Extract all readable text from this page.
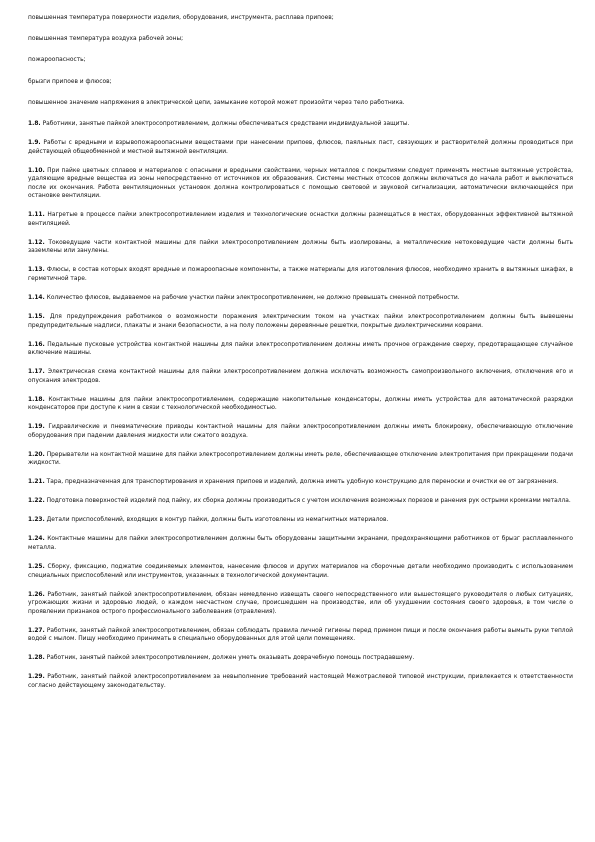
повышенная температура поверхности изделия, оборудования, инструмента, расплава припоев;

повышенная температура воздуха рабочей зоны;

пожароопасность;

брызги припоев и флюсов;

повышенное значение напряжения в электрической цепи, замыкание которой может произойти через тело работника.

1.8. Работники, занятые пайкой электросопротивлением, должны обеспечиваться средствами индивидуальной защиты.

1.9. Работы с вредными и взрывопожароопасными веществами при нанесении припоев, флюсов, паяльных паст, связующих и растворителей должны проводиться при действующей общеобменной и местной вытяжной вентиляции.

1.10. При пайке цветных сплавов и материалов с опасными и вредными свойствами, черных металлов с покрытиями следует применять местные вытяжные устройства, удаляющие вредные вещества из зоны непосредственно от источников их образования. Системы местных отсосов должны включаться до начала работ и выключаться после их окончания. Работа вентиляционных установок должна контролироваться с помощью световой и звуковой сигнализации, автоматически включающейся при остановке вентиляции.

1.11. Нагретые в процессе пайки электросопротивлением изделия и технологические оснастки должны размещаться в местах, оборудованных эффективной вытяжной вентиляцией.

1.12. Токоведущие части контактной машины для пайки электросопротивлением должны быть изолированы, а металлические нетоковедущие части должны быть заземлены или занулены.

1.13. Флюсы, в состав которых входят вредные и пожароопасные компоненты, а также материалы для изготовления флюсов, необходимо хранить в вытяжных шкафах, в герметичной таре.

1.14. Количество флюсов, выдаваемое на рабочие участки пайки электросопротивлением, не должно превышать сменной потребности.

1.15. Для предупреждения работников о возможности поражения электрическим током на участках пайки электросопротивлением должны быть вывешены предупредительные надписи, плакаты и знаки безопасности, а на полу положены деревянные решетки, покрытые диэлектрическими коврами.

1.16. Педальные пусковые устройства контактной машины для пайки электросопротивлением должны иметь прочное ограждение сверху, предотвращающее случайное включение машины.

1.17. Электрическая схема контактной машины для пайки электросопротивлением должна исключать возможность самопроизвольного включения, отключения его и опускания электродов.

1.18. Контактные машины для пайки электросопротивлением, содержащие накопительные конденсаторы, должны иметь устройства для автоматической разрядки конденсаторов при доступе к ним в связи с технологической необходимостью.

1.19. Гидравлические и пневматические приводы контактной машины для пайки электросопротивлением должны иметь блокировку, обеспечивающую отключение оборудования при падении давления жидкости или сжатого воздуха.

1.20. Прерыватели на контактной машине для пайки электросопротивлением должны иметь реле, обеспечивающее отключение электропитания при прекращении подачи жидкости.

1.21. Тара, предназначенная для транспортирования и хранения припоев и изделий, должна иметь удобную конструкцию для переноски и очистки ее от загрязнения.

1.22. Подготовка поверхностей изделий под пайку, их сборка должны производиться с учетом исключения возможных порезов и ранения рук острыми кромками металла.

1.23. Детали приспособлений, входящих в контур пайки, должны быть изготовлены из немагнитных материалов.

1.24. Контактные машины для пайки электросопротивлением должны быть оборудованы защитными экранами, предохраняющими работников от брызг расплавленного металла.

1.25. Сборку, фиксацию, поджатие соединяемых элементов, нанесение флюсов и других материалов на сборочные детали необходимо производить с использованием специальных приспособлений или инструментов, указанных в технологической документации.

1.26. Работник, занятый пайкой электросопротивлением, обязан немедленно извещать своего непосредственного или вышестоящего руководителя о любых ситуациях, угрожающих жизни и здоровью людей, о каждом несчастном случае, происшедшем на производстве, или об ухудшении состояния своего здоровья, в том числе о проявлении признаков острого профессионального заболевания (отравления).

1.27. Работник, занятый пайкой электросопротивлением, обязан соблюдать правила личной гигиены перед приемом пищи и после окончания работы вымыть руки теплой водой с мылом. Пищу необходимо принимать в специально оборудованных для этой цели помещениях.

1.28. Работник, занятый пайкой электросопротивлением, должен уметь оказывать доврачебную помощь пострадавшему.

1.29. Работник, занятый пайкой электросопротивлением за невыполнение требований настоящей Межотраслевой типовой инструкции, привлекается к ответственности согласно действующему законодательству.
